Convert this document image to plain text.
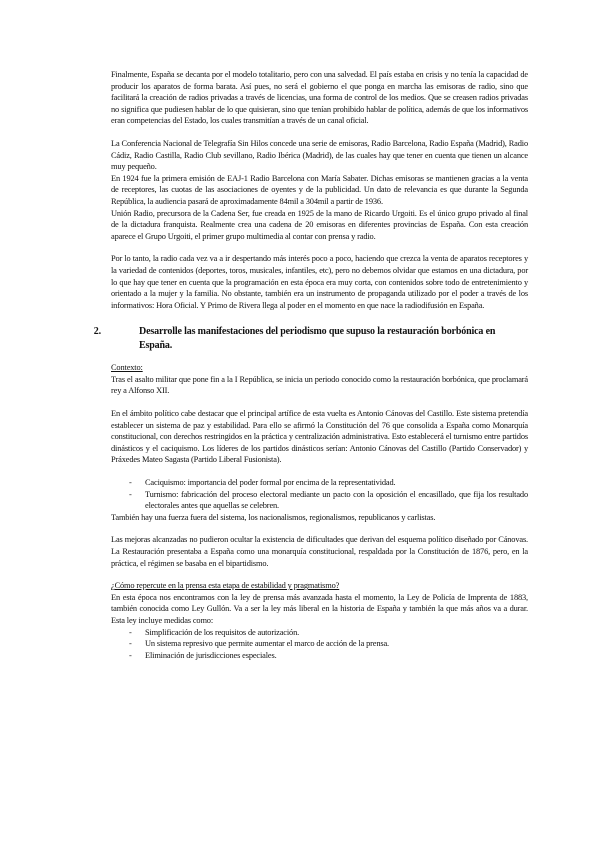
Finalmente, España se decanta por el modelo totalitario, pero con una salvedad. El país estaba en crisis y no tenía la capacidad de producir los aparatos de forma barata. Así pues, no será el gobierno el que ponga en marcha las emisoras de radio, sino que facilitará la creación de radios privadas a través de licencias, una forma de control de los medios. Que se creasen radios privadas no significa que pudiesen hablar de lo que quisieran, sino que tenían prohibido hablar de política, además de que los informativos eran competencias del Estado, los cuales transmitían a través de un canal oficial.

La Conferencia Nacional de Telegrafía Sin Hilos concede una serie de emisoras, Radio Barcelona, Radio España (Madrid), Radio Cádiz, Radio Castilla, Radio Club sevillano, Radio Ibérica (Madrid), de las cuales hay que tener en cuenta que tienen un alcance muy pequeño.

En 1924 fue la primera emisión de EAJ-1 Radio Barcelona con María Sabater. Dichas emisoras se mantienen gracias a la venta de receptores, las cuotas de las asociaciones de oyentes y de la publicidad. Un dato de relevancia es que durante la Segunda República, la audiencia pasará de aproximadamente 84mil a 304mil a partir de 1936.

Unión Radio, precursora de la Cadena Ser, fue creada en 1925 de la mano de Ricardo Urgoiti. Es el único grupo privado al final de la dictadura franquista. Realmente crea una cadena de 20 emisoras en diferentes provincias de España. Con esta creación aparece el Grupo Urgoiti, el primer grupo multimedia al contar con prensa y radio.

Por lo tanto, la radio cada vez va a ir despertando más interés poco a poco, haciendo que crezca la venta de aparatos receptores y la variedad de contenidos (deportes, toros, musicales, infantiles, etc), pero no debemos olvidar que estamos en una dictadura, por lo que hay que tener en cuenta que la programación en esta época era muy corta, con contenidos sobre todo de entretenimiento y orientado a la mujer y la familia. No obstante, también era un instrumento de propaganda utilizado por el poder a través de los informativos: Hora Oficial. Y Primo de Rivera llega al poder en el momento en que nace la radiodifusión en España.

2.	Desarrolle las manifestaciones del periodismo que supuso la restauración borbónica en España.

Contexto:

Tras el asalto militar que pone fin a la I República, se inicia un periodo conocido como la restauración borbónica, que proclamará rey a Alfonso XII.

En el ámbito político cabe destacar que el principal artífice de esta vuelta es Antonio Cánovas del Castillo. Este sistema pretendía establecer un sistema de paz y estabilidad. Para ello se afirmó la Constitución del 76 que consolida a España como Monarquía constitucional, con derechos restringidos en la práctica y centralización administrativa. Esto establecerá el turnismo entre partidos dinásticos y el caciquismo. Los líderes de los partidos dinásticos serían: Antonio Cánovas del Castillo (Partido Conservador) y Práxedes Mateo Sagasta (Partido Liberal Fusionista).

- Caciquismo: importancia del poder formal por encima de la representatividad.
- Turnismo: fabricación del proceso electoral mediante un pacto con la oposición el encasillado, que fija los resultado electorales antes que aquellas se celebren.

También hay una fuerza fuera del sistema, los nacionalismos, regionalismos, republicanos y carlistas.

Las mejoras alcanzadas no pudieron ocultar la existencia de dificultades que derivan del esquema político diseñado por Cánovas. La Restauración presentaba a España como una monarquía constitucional, respaldada por la Constitución de 1876, pero, en la práctica, el régimen se basaba en el bipartidismo.

¿Cómo repercute en la prensa esta etapa de estabilidad y pragmatismo?

En esta época nos encontramos con la ley de prensa más avanzada hasta el momento, la Ley de Policía de Imprenta de 1883, también conocida como Ley Gullón. Va a ser la ley más liberal en la historia de España y también la que más años va a durar. Esta ley incluye medidas como:

- Simplificación de los requisitos de autorización.
- Un sistema represivo que permite aumentar el marco de acción de la prensa.
- Eliminación de jurisdicciones especiales.
